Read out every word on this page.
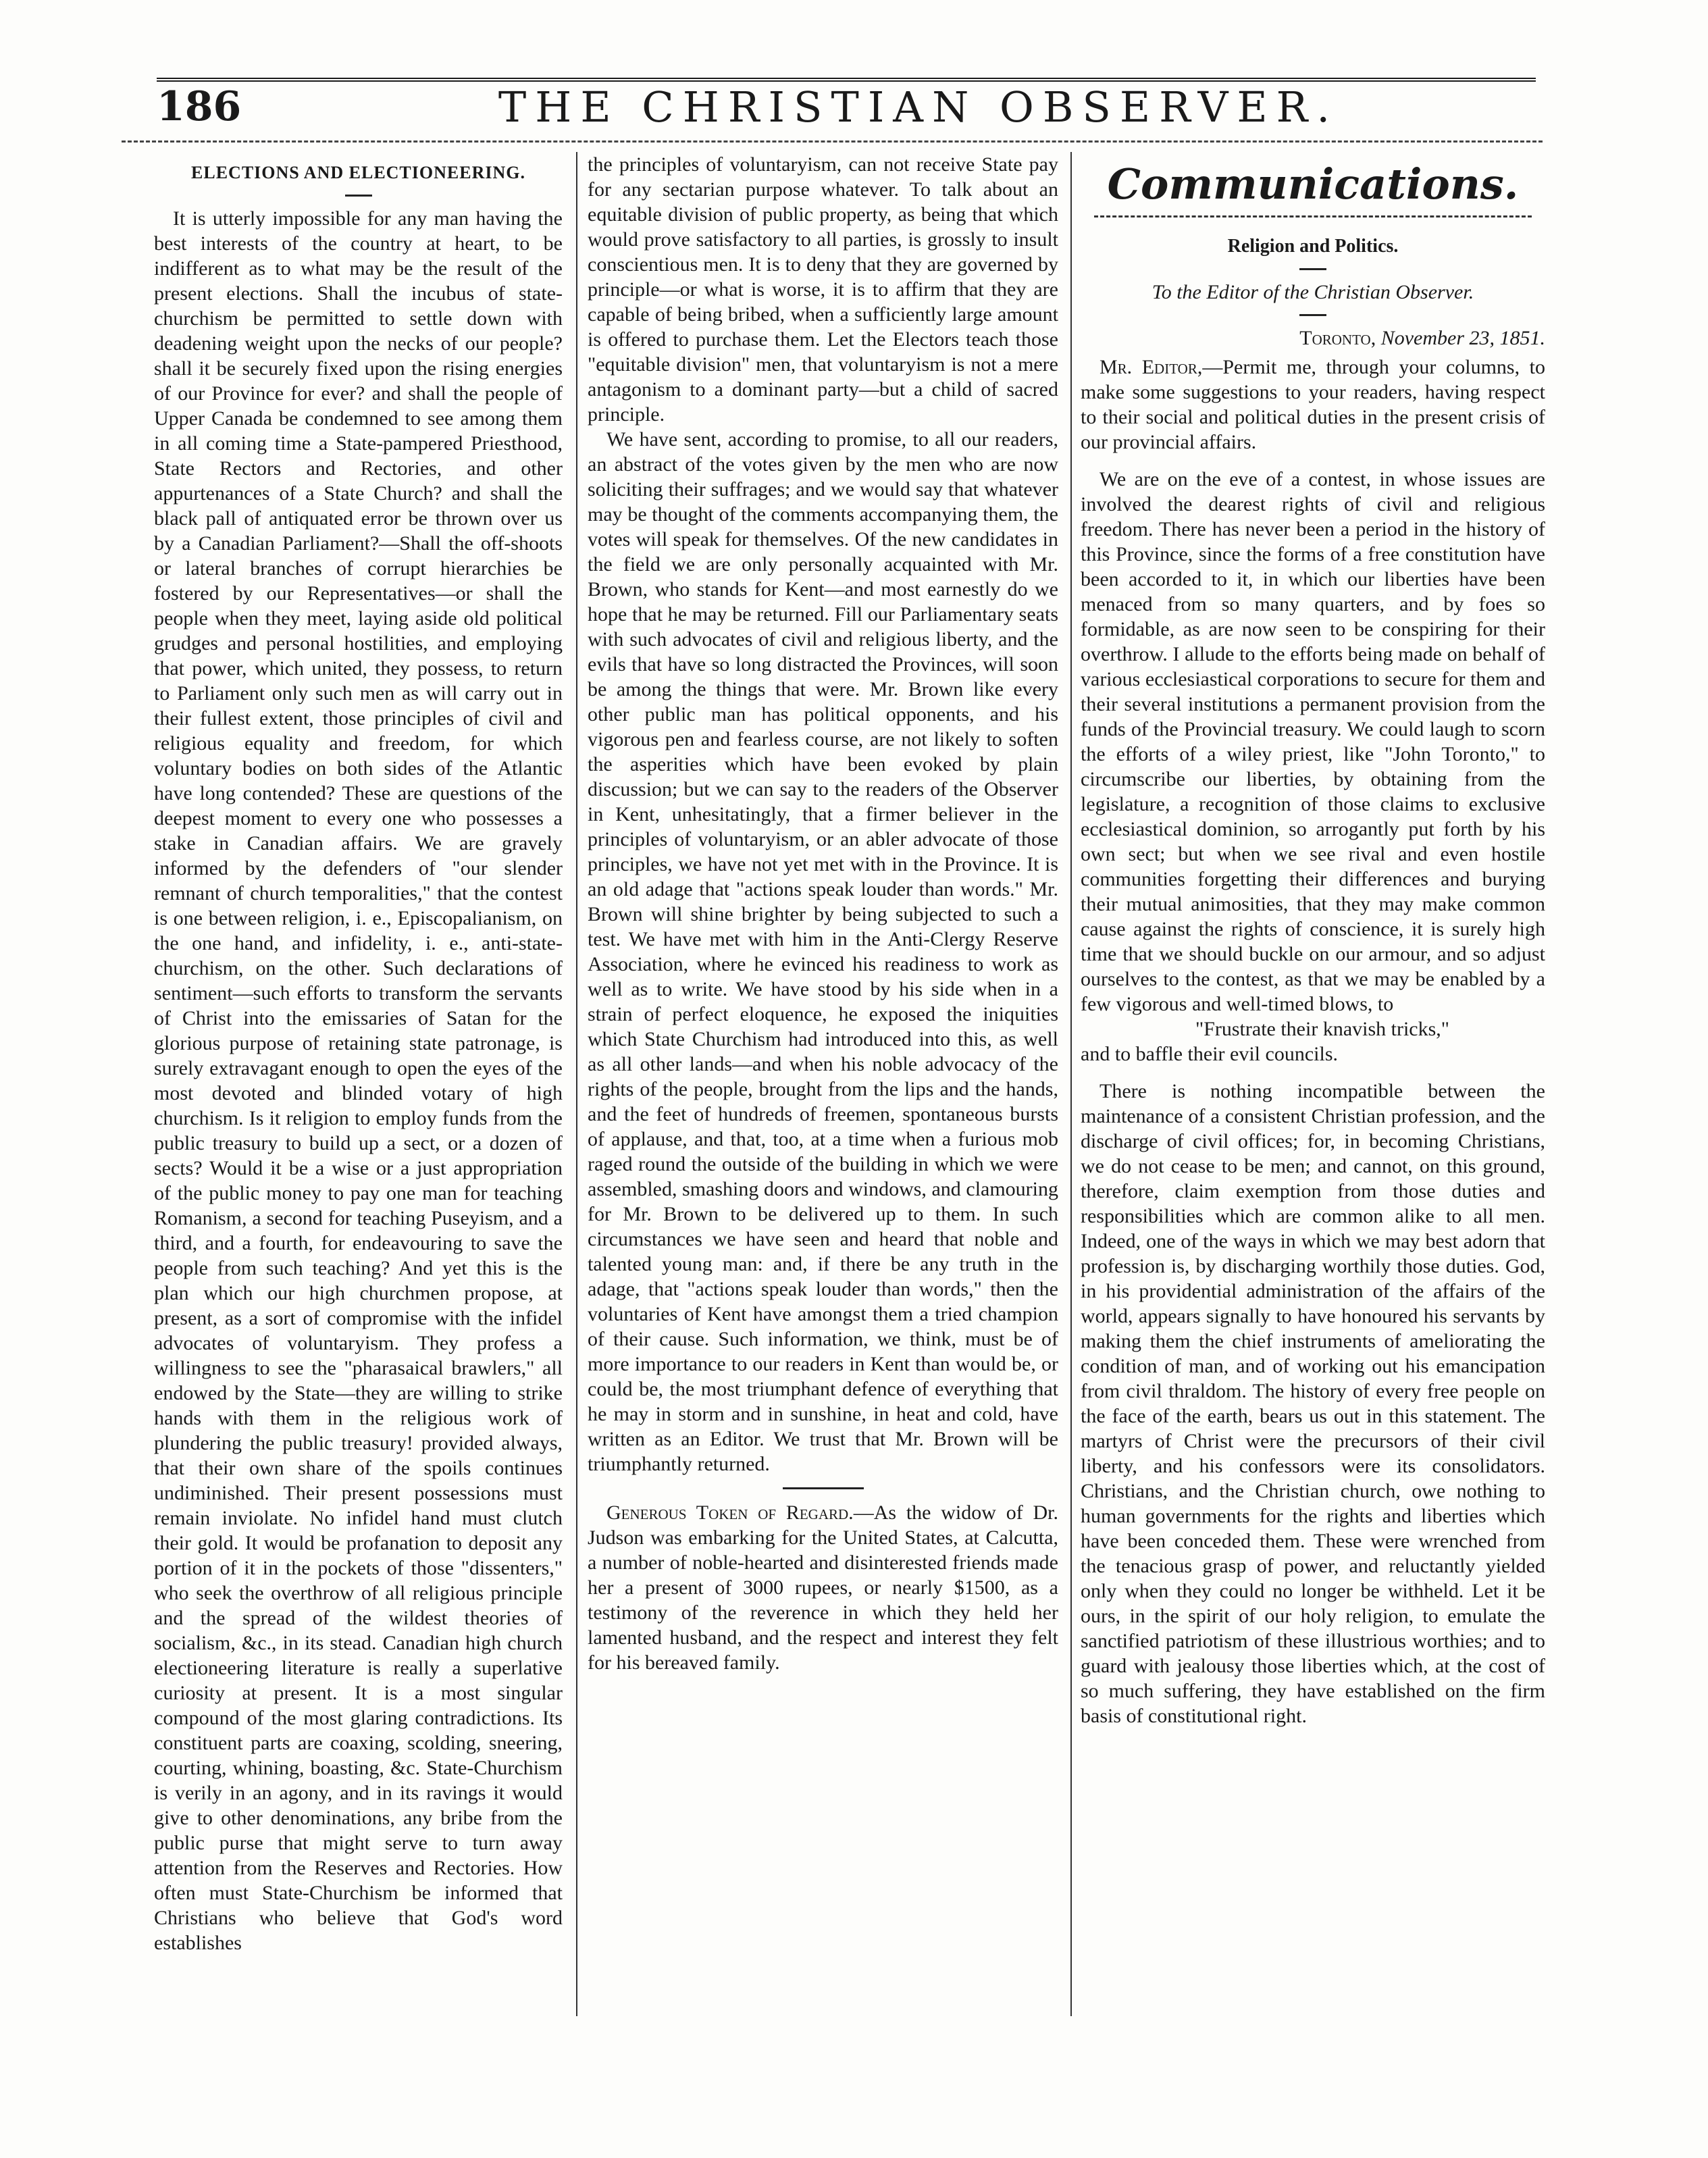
186	THE CHRISTIAN OBSERVER.
ELECTIONS AND ELECTIONEERING.

It is utterly impossible for any man having the best interests of the country at heart, to be indifferent as to what may be the result of the present elections. Shall the incubus of state-churchism be permitted to settle down with deadening weight upon the necks of our people? shall it be securely fixed upon the rising energies of our Province for ever? and shall the people of Upper Canada be condemned to see among them in all coming time a State-pampered Priesthood, State Rectors and Rectories, and other appurtenances of a State Church? and shall the black pall of antiquated error be thrown over us by a Canadian Parliament?—Shall the off-shoots or lateral branches of corrupt hierarchies be fostered by our Representatives—or shall the people when they meet, laying aside old political grudges and personal hostilities, and employing that power, which united, they possess, to return to Parliament only such men as will carry out in their fullest extent, those principles of civil and religious equality and freedom, for which voluntary bodies on both sides of the Atlantic have long contended? These are questions of the deepest moment to every one who possesses a stake in Canadian affairs. We are gravely informed by the defenders of "our slender remnant of church temporalities," that the contest is one between religion, i. e., Episcopalianism, on the one hand, and infidelity, i. e., anti-state-churchism, on the other. Such declarations of sentiment—such efforts to transform the servants of Christ into the emissaries of Satan for the glorious purpose of retaining state patronage, is surely extravagant enough to open the eyes of the most devoted and blinded votary of high churchism. Is it religion to employ funds from the public treasury to build up a sect, or a dozen of sects? Would it be a wise or a just appropriation of the public money to pay one man for teaching Romanism, a second for teaching Puseyism, and a third, and a fourth, for endeavouring to save the people from such teaching? And yet this is the plan which our high churchmen propose, at present, as a sort of compromise with the infidel advocates of voluntaryism. They profess a willingness to see the "pharasaical brawlers," all endowed by the State—they are willing to strike hands with them in the religious work of plundering the public treasury! provided always, that their own share of the spoils continues undiminished. Their present possessions must remain inviolate. No infidel hand must clutch their gold. It would be profanation to deposit any portion of it in the pockets of those "dissenters," who seek the overthrow of all religious principle and the spread of the wildest theories of socialism, &c., in its stead. Canadian high church electioneering literature is really a superlative curiosity at present. It is a most singular compound of the most glaring contradictions. Its constituent parts are coaxing, scolding, sneering, courting, whining, boasting, &c. State-Churchism is verily in an agony, and in its ravings it would give to other denominations, any bribe from the public purse that might serve to turn away attention from the Reserves and Rectories. How often must State-Churchism be informed that Christians who believe that God's word establishes

the principles of voluntaryism, can not receive State pay for any sectarian purpose whatever. To talk about an equitable division of public property, as being that which would prove satisfactory to all parties, is grossly to insult conscientious men. It is to deny that they are governed by principle—or what is worse, it is to affirm that they are capable of being bribed, when a sufficiently large amount is offered to purchase them. Let the Electors teach those "equitable division" men, that voluntaryism is not a mere antagonism to a dominant party—but a child of sacred principle.

We have sent, according to promise, to all our readers, an abstract of the votes given by the men who are now soliciting their suffrages; and we would say that whatever may be thought of the comments accompanying them, the votes will speak for themselves. Of the new candidates in the field we are only personally acquainted with Mr. Brown, who stands for Kent—and most earnestly do we hope that he may be returned. Fill our Parliamentary seats with such advocates of civil and religious liberty, and the evils that have so long distracted the Provinces, will soon be among the things that were. Mr. Brown like every other public man has political opponents, and his vigorous pen and fearless course, are not likely to soften the asperities which have been evoked by plain discussion; but we can say to the readers of the Observer in Kent, unhesitatingly, that a firmer believer in the principles of voluntaryism, or an abler advocate of those principles, we have not yet met with in the Province. It is an old adage that "actions speak louder than words." Mr. Brown will shine brighter by being subjected to such a test. We have met with him in the Anti-Clergy Reserve Association, where he evinced his readiness to work as well as to write. We have stood by his side when in a strain of perfect eloquence, he exposed the iniquities which State Churchism had introduced into this, as well as all other lands—and when his noble advocacy of the rights of the people, brought from the lips and the hands, and the feet of hundreds of freemen, spontaneous bursts of applause, and that, too, at a time when a furious mob raged round the outside of the building in which we were assembled, smashing doors and windows, and clamouring for Mr. Brown to be delivered up to them. In such circumstances we have seen and heard that noble and talented young man: and, if there be any truth in the adage, that "actions speak louder than words," then the voluntaries of Kent have amongst them a tried champion of their cause. Such information, we think, must be of more importance to our readers in Kent than would be, or could be, the most triumphant defence of everything that he may in storm and in sunshine, in heat and cold, have written as an Editor. We trust that Mr. Brown will be triumphantly returned.

Generous Token of Regard.—As the widow of Dr. Judson was embarking for the United States, at Calcutta, a number of noble-hearted and disinterested friends made her a present of 3000 rupees, or nearly $1500, as a testimony of the reverence in which they held her lamented husband, and the respect and interest they felt for his bereaved family.

Communications.
Religion and Politics.
To the Editor of the Christian Observer.
Toronto, November 23, 1851.

Mr. Editor,—Permit me, through your columns, to make some suggestions to your readers, having respect to their social and political duties in the present crisis of our provincial affairs.

We are on the eve of a contest, in whose issues are involved the dearest rights of civil and religious freedom. There has never been a period in the history of this Province, since the forms of a free constitution have been accorded to it, in which our liberties have been menaced from so many quarters, and by foes so formidable, as are now seen to be conspiring for their overthrow. I allude to the efforts being made on behalf of various ecclesiastical corporations to secure for them and their several institutions a permanent provision from the funds of the Provincial treasury. We could laugh to scorn the efforts of a wiley priest, like "John Toronto," to circumscribe our liberties, by obtaining from the legislature, a recognition of those claims to exclusive ecclesiastical dominion, so arrogantly put forth by his own sect; but when we see rival and even hostile communities forgetting their differences and burying their mutual animosities, that they may make common cause against the rights of conscience, it is surely high time that we should buckle on our armour, and so adjust ourselves to the contest, as that we may be enabled by a few vigorous and well-timed blows, to

"Frustrate their knavish tricks,"

and to baffle their evil councils.

There is nothing incompatible between the maintenance of a consistent Christian profession, and the discharge of civil offices; for, in becoming Christians, we do not cease to be men; and cannot, on this ground, therefore, claim exemption from those duties and responsibilities which are common alike to all men. Indeed, one of the ways in which we may best adorn that profession is, by discharging worthily those duties. God, in his providential administration of the affairs of the world, appears signally to have honoured his servants by making them the chief instruments of ameliorating the condition of man, and of working out his emancipation from civil thraldom. The history of every free people on the face of the earth, bears us out in this statement. The martyrs of Christ were the precursors of their civil liberty, and his confessors were its consolidators. Christians, and the Christian church, owe nothing to human governments for the rights and liberties which have been conceded them. These were wrenched from the tenacious grasp of power, and reluctantly yielded only when they could no longer be withheld. Let it be ours, in the spirit of our holy religion, to emulate the sanctified patriotism of these illustrious worthies; and to guard with jealousy those liberties which, at the cost of so much suffering, they have established on the firm basis of constitutional right.
